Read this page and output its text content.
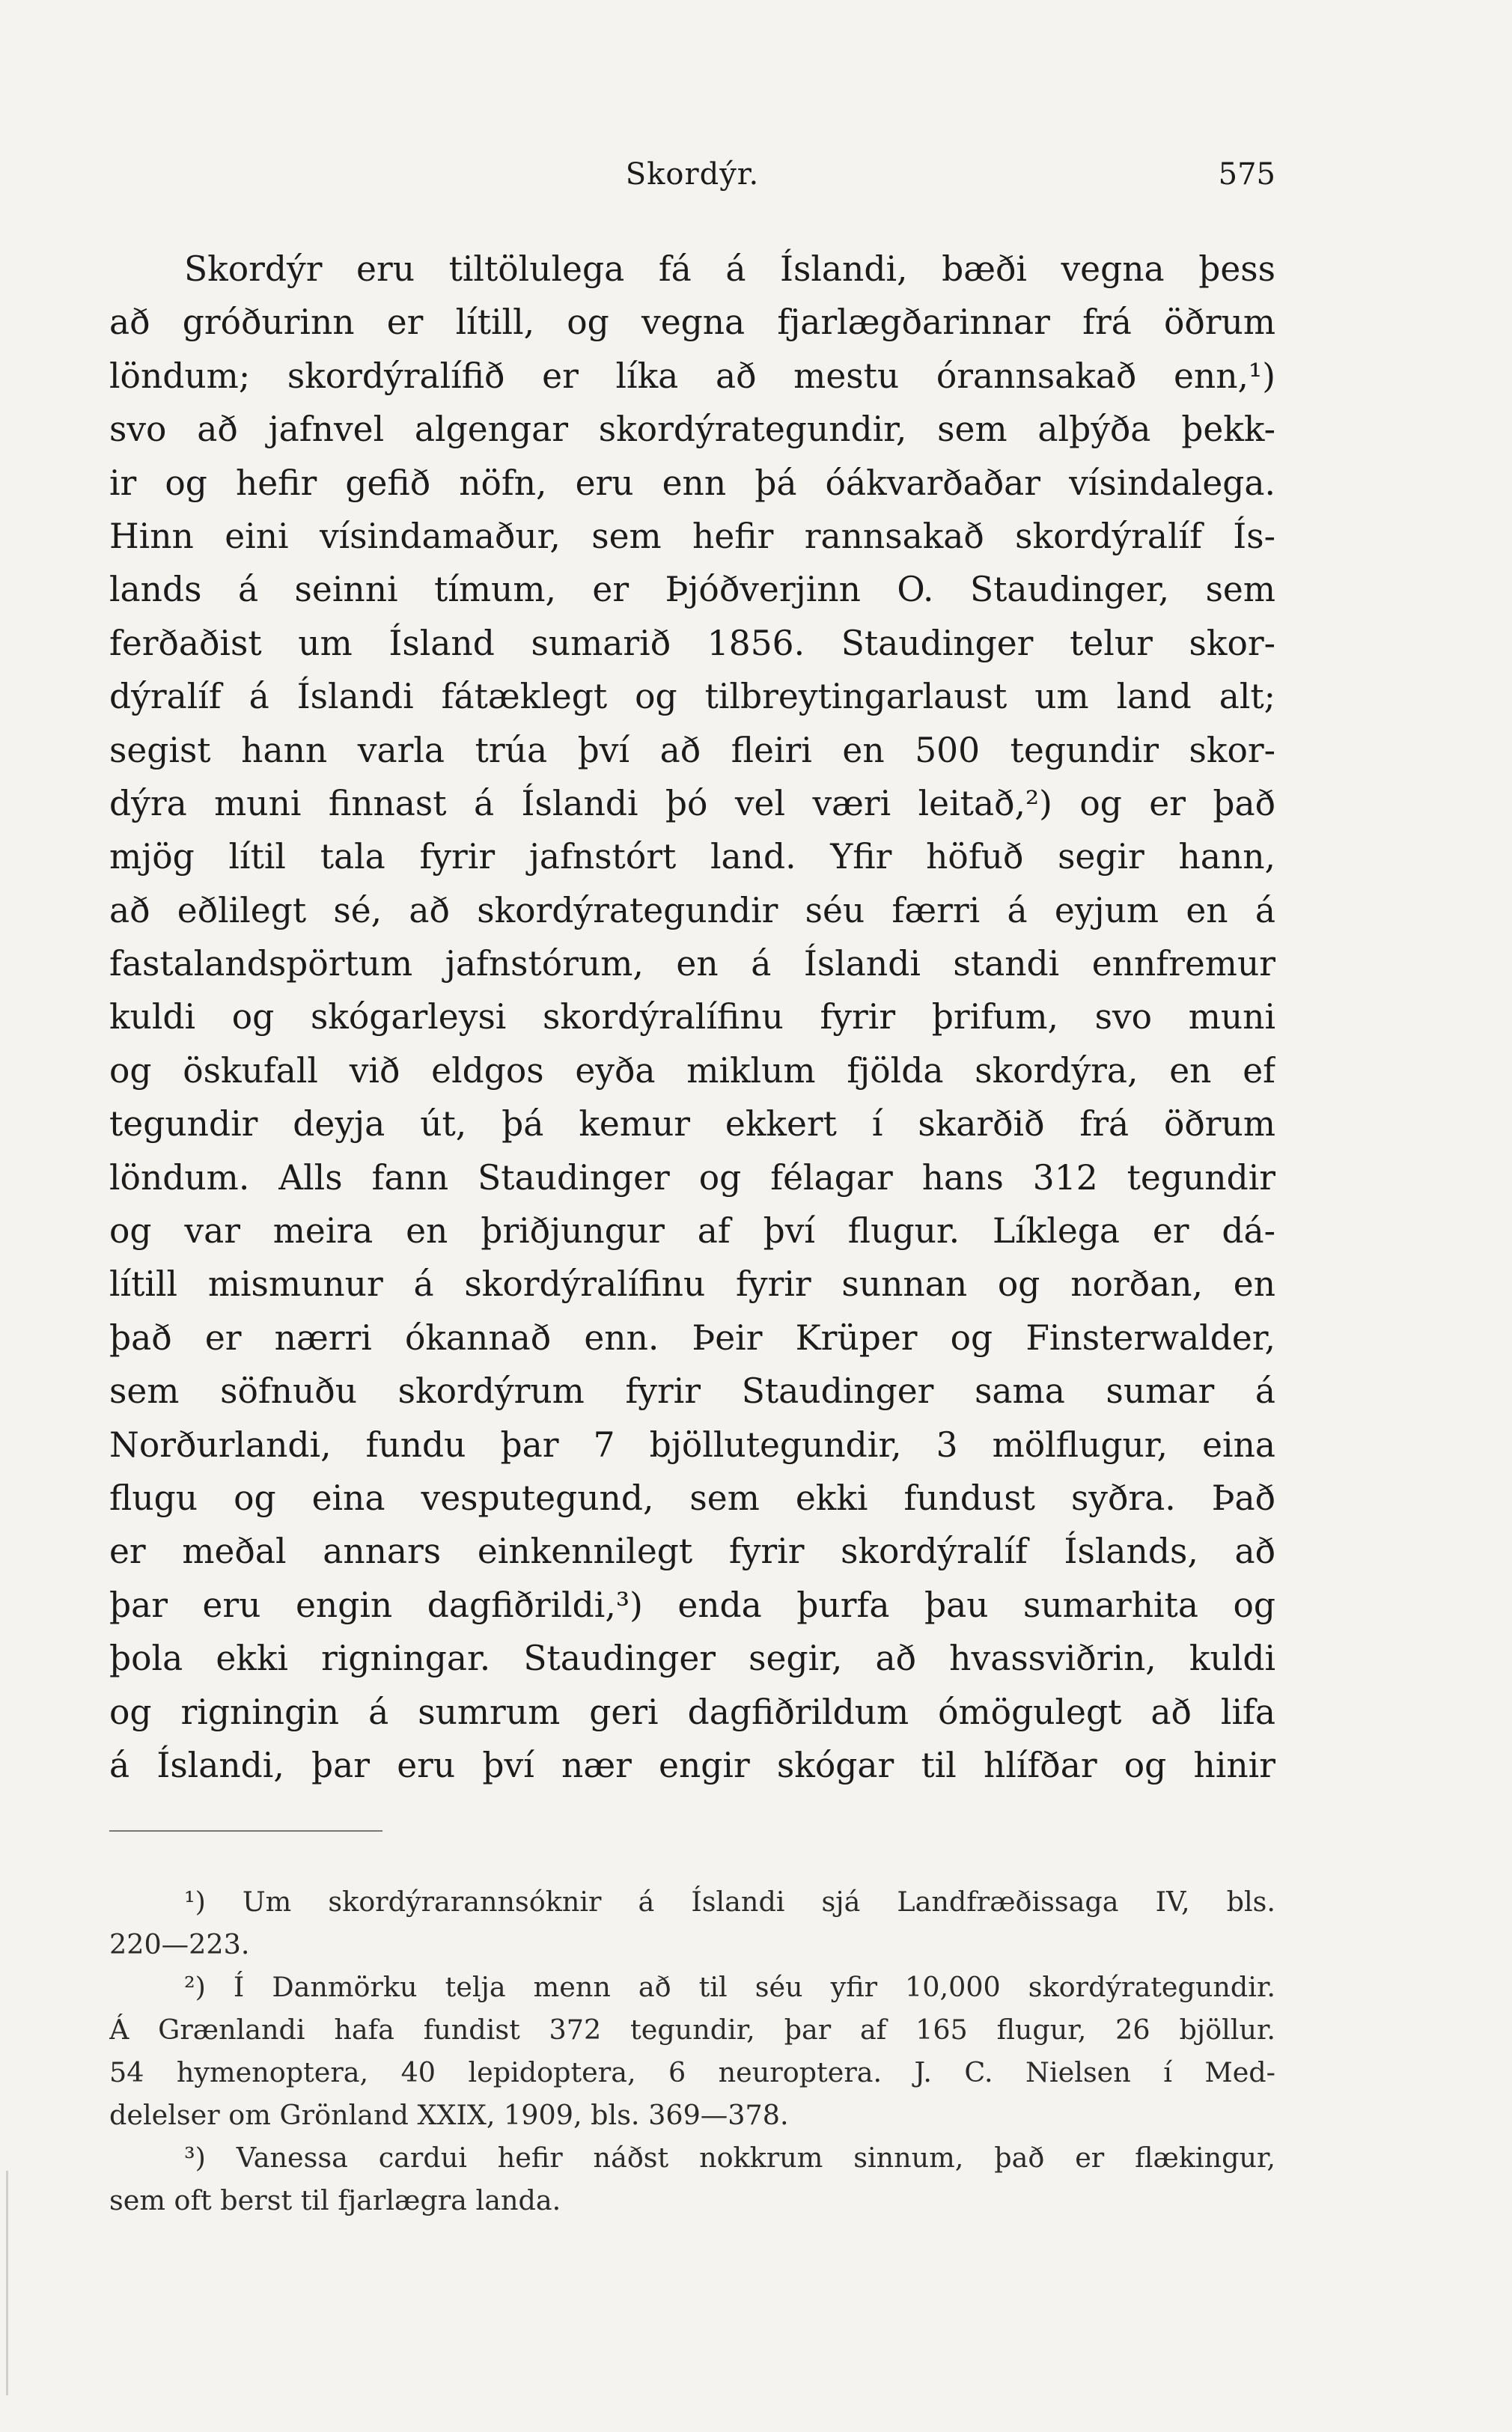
Skordýr.	575
Skordýr eru tiltölulega fá á Íslandi, bæði vegna þess
að gróðurinn er lítill, og vegna fjarlægðarinnar frá öðrum
löndum; skordýralífið er líka að mestu órannsakað enn,¹)
svo að jafnvel algengar skordýrategundir, sem alþýða þekk-
ir og hefir gefið nöfn, eru enn þá óákvarðaðar vísindalega.
Hinn eini vísindamaður, sem hefir rannsakað skordýralíf Ís-
lands á seinni tímum, er Þjóðverjinn O. Staudinger, sem
ferðaðist um Ísland sumarið 1856. Staudinger telur skor-
dýralíf á Íslandi fátæklegt og tilbreytingarlaust um land alt;
segist hann varla trúa því að fleiri en 500 tegundir skor-
dýra muni finnast á Íslandi þó vel væri leitað,²) og er það
mjög lítil tala fyrir jafnstórt land. Yfir höfuð segir hann,
að eðlilegt sé, að skordýrategundir séu færri á eyjum en á
fastalandspörtum jafnstórum, en á Íslandi standi ennfremur
kuldi og skógarleysi skordýralífinu fyrir þrifum, svo muni
og öskufall við eldgos eyða miklum fjölda skordýra, en ef
tegundir deyja út, þá kemur ekkert í skarðið frá öðrum
löndum. Alls fann Staudinger og félagar hans 312 tegundir
og var meira en þriðjungur af því flugur. Líklega er dá-
lítill mismunur á skordýralífinu fyrir sunnan og norðan, en
það er nærri ókannað enn. Þeir Krüper og Finsterwalder,
sem söfnuðu skordýrum fyrir Staudinger sama sumar á
Norðurlandi, fundu þar 7 bjöllutegundir, 3 mölflugur, eina
flugu og eina vesputegund, sem ekki fundust syðra. Það
er meðal annars einkennilegt fyrir skordýralíf Íslands, að
þar eru engin dagfiðrildi,³) enda þurfa þau sumarhita og
þola ekki rigningar. Staudinger segir, að hvassviðrin, kuldi
og rigningin á sumrum geri dagfiðrildum ómögulegt að lifa
á Íslandi, þar eru því nær engir skógar til hlífðar og hinir
¹) Um skordýrarannsóknir á Íslandi sjá Landfræðissaga IV, bls.
220—223.
²) Í Danmörku telja menn að til séu yfir 10,000 skordýrategundir.
Á Grænlandi hafa fundist 372 tegundir, þar af 165 flugur, 26 bjöllur.
54 hymenoptera, 40 lepidoptera, 6 neuroptera. J. C. Nielsen í Med-
delelser om Grönland XXIX, 1909, bls. 369—378.
³) Vanessa cardui hefir náðst nokkrum sinnum, það er flækingur,
sem oft berst til fjarlægra landa.
